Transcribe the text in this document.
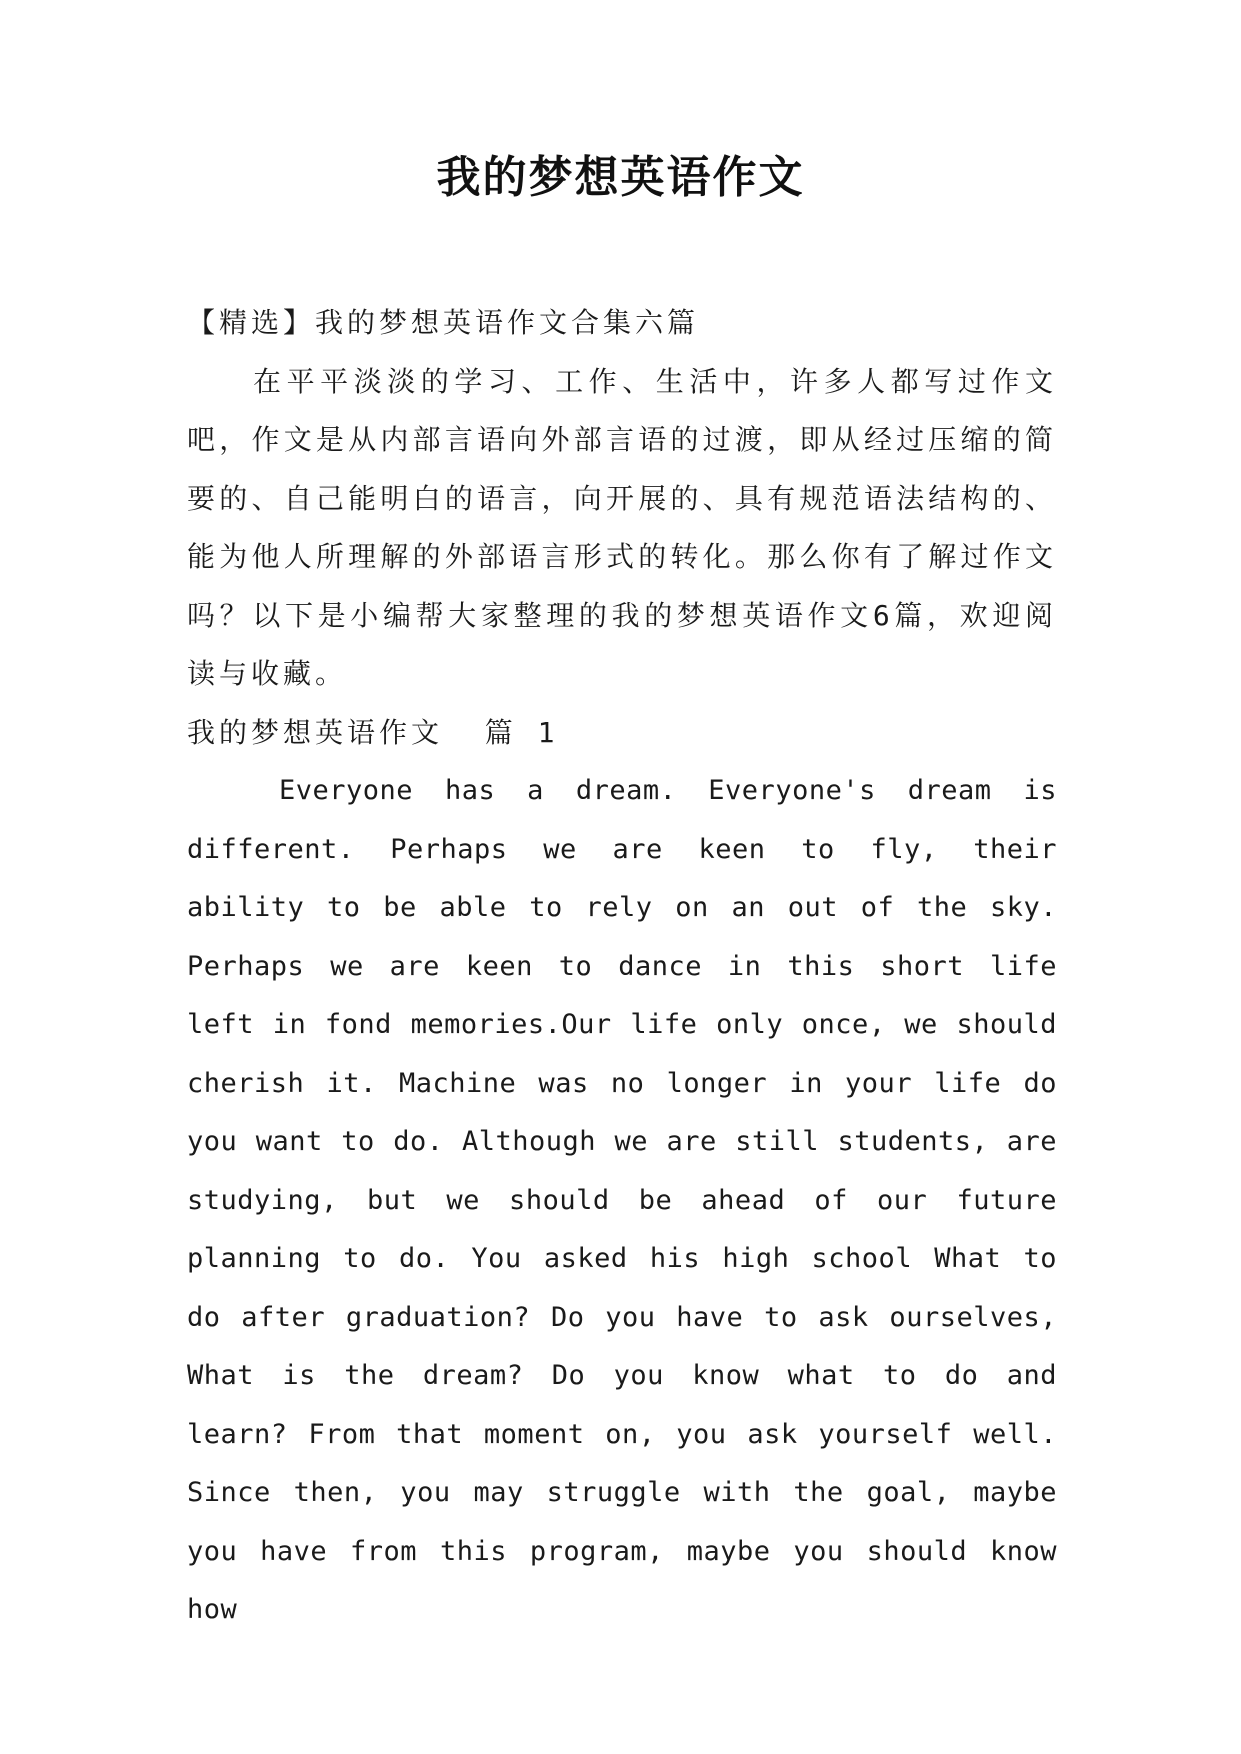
我的梦想英语作文

【精选】我的梦想英语作文合集六篇

在平平淡淡的学习、工作、生活中，许多人都写过作文吧，作文是从内部言语向外部言语的过渡，即从经过压缩的简要的、自己能明白的语言，向开展的、具有规范语法结构的、能为他人所理解的外部语言形式的转化。那么你有了解过作文吗？以下是小编帮大家整理的我的梦想英语作文6篇，欢迎阅读与收藏。

我的梦想英语作文  篇 1

Everyone has a dream. Everyone's dream is different. Perhaps we are keen to fly, their ability to be able to rely on an out of the sky. Perhaps we are keen to dance in this short life left in fond memories.Our life only once, we should cherish it. Machine was no longer in your life do you want to do. Although we are still students, are studying, but we should be ahead of our future planning to do. You asked his high school What to do after graduation? Do you have to ask ourselves, What is the dream? Do you know what to do and learn? From that moment on, you ask yourself well. Since then, you may struggle with the goal, maybe you have from this program, maybe you should know how
